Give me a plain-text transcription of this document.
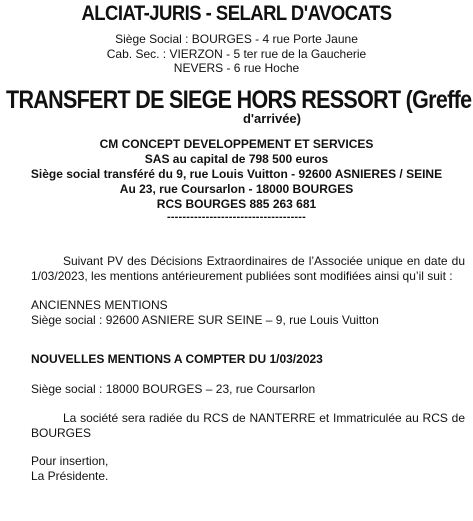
ALCIAT-JURIS - SELARL D'AVOCATS
Siège Social : BOURGES - 4 rue Porte Jaune
Cab. Sec. : VIERZON - 5 ter rue de la Gaucherie
NEVERS - 6 rue Hoche
TRANSFERT DE SIEGE HORS RESSORT (Greffe
d'arrivée)
CM CONCEPT DEVELOPPEMENT ET SERVICES
SAS au capital de 798 500 euros
Siège social transféré du 9, rue Louis Vuitton - 92600 ASNIERES / SEINE
Au 23, rue Coursarlon - 18000 BOURGES
RCS BOURGES 885 263 681
------------------------------------
Suivant PV des Décisions Extraordinaires de l’Associée unique en date du 1/03/2023, les mentions antérieurement publiées sont modifiées ainsi qu’il suit :
ANCIENNES MENTIONS
Siège social : 92600 ASNIERE SUR SEINE – 9, rue Louis Vuitton
NOUVELLES MENTIONS A COMPTER DU 1/03/2023
Siège social : 18000 BOURGES – 23, rue Coursarlon
La société sera radiée du RCS de NANTERRE et Immatriculée au RCS de BOURGES
Pour insertion,
La Présidente.
